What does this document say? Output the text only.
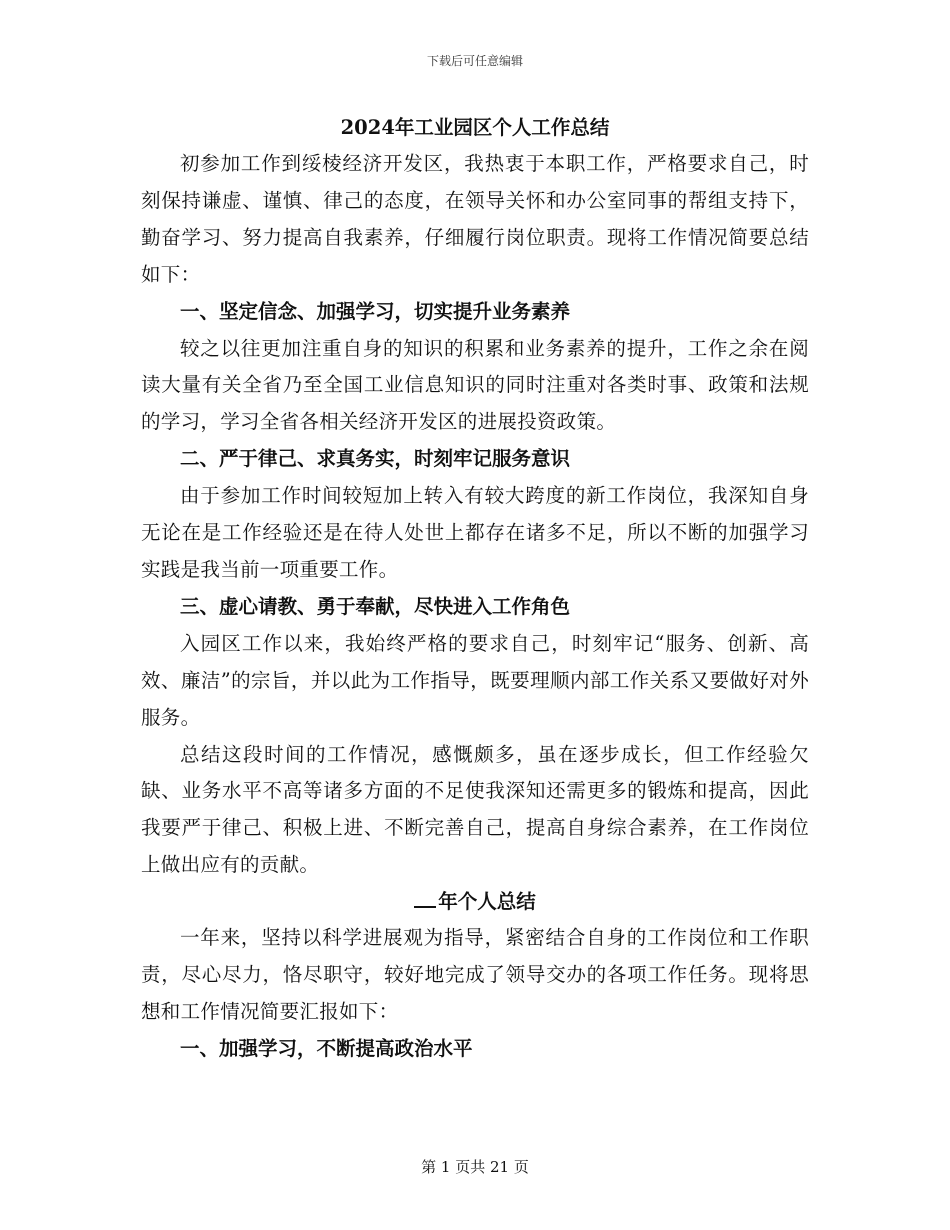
下载后可任意编辑
2024年工业园区个人工作总结

初参加工作到绥棱经济开发区，我热衷于本职工作，严格要求自己，时刻保持谦虚、谨慎、律己的态度，在领导关怀和办公室同事的帮组支持下，勤奋学习、努力提高自我素养，仔细履行岗位职责。现将工作情况简要总结如下：

一、坚定信念、加强学习，切实提升业务素养

较之以往更加注重自身的知识的积累和业务素养的提升，工作之余在阅读大量有关全省乃至全国工业信息知识的同时注重对各类时事、政策和法规的学习，学习全省各相关经济开发区的进展投资政策。

二、严于律己、求真务实，时刻牢记服务意识

由于参加工作时间较短加上转入有较大跨度的新工作岗位，我深知自身无论在是工作经验还是在待人处世上都存在诸多不足，所以不断的加强学习实践是我当前一项重要工作。

三、虚心请教、勇于奉献，尽快进入工作角色

入园区工作以来，我始终严格的要求自己，时刻牢记“服务、创新、高效、廉洁”的宗旨，并以此为工作指导，既要理顺内部工作关系又要做好对外服务。

总结这段时间的工作情况，感慨颇多，虽在逐步成长，但工作经验欠缺、业务水平不高等诸多方面的不足使我深知还需更多的锻炼和提高，因此我要严于律己、积极上进、不断完善自己，提高自身综合素养，在工作岗位上做出应有的贡献。

年个人总结

一年来，坚持以科学进展观为指导，紧密结合自身的工作岗位和工作职责，尽心尽力，恪尽职守，较好地完成了领导交办的各项工作任务。现将思想和工作情况简要汇报如下：

一、加强学习，不断提高政治水平

第 1 页共 21 页
